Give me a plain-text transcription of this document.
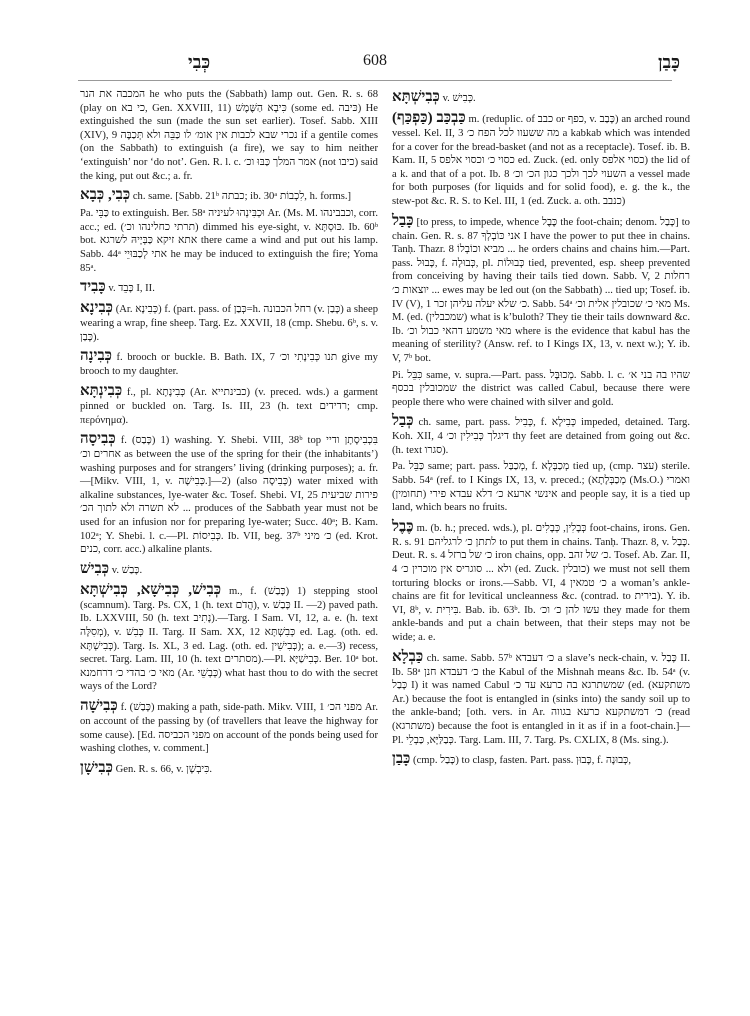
כְּבִי	608	כָּבַן

המכבה את הנר he who puts the (Sabbath) lamp out. Gen. R. s. 68 (play on כי בא, Gen. XXVIII, 11) כִּיבָא הַשֶּׁמֶשׁ (some ed. כּיבה) He extinguished the sun (made the sun set earlier). Tosef. Sabb. XIII (XIV), 9 נכרי שבא לכבות אין אומ׳ לו כַּבֵּה ולא תְּכַבֶּה if a gentile comes (on the Sabbath) to extinguish (a fire), we say to him neither ‘extinguish’ nor ‘do not’. Gen. R. l. c. אמר המלך כַּבּוּ וכ׳ (not כיבו) said the king, put out &c.; a. fr.

כְּבִי, כְּבָא ch. same. [Sabb. 21ᵇ כבתה; ib. 30ᵃ לִכְבוֹת, h. forms.]

Pa. כַּבֵּי to extinguish. Ber. 58ᵃ וּכְבִּינְהוּ לעיניה Ar. (Ms. M. וכבבינהו, corr. acc.; ed. (תרתי כחלינהו וכ׳) dimmed his eye-sight, v. כּוּסְתָּא. Ib. 60ᵇ bot. אתא זיקא כַּבְּיָיהּ לשרגא there came a wind and put out his lamp. Sabb. 44ᵃ אתי לְכַבּוּיֵי he may be induced to extinguish the fire; Yoma 85ᵃ.

כָּבִיד v. כָּבֵד I, II.

כְּבִינָא (Ar. כְּבִינָא) f. (part. pass. of כְּבַן=h. רחל הכבונה (v. כָּבַן) a sheep wearing a wrap, fine sheep. Targ. Ez. XXVII, 18 (cmp. Shebu. 6ᵇ, s. v. כָּבַן).

כְּבִינָה f. brooch or buckle. B. Bath. IX, 7 תנו כְּבִינָתִי וכ׳ give my brooch to my daughter.

כְּבִינְתָּא f., pl. כְּבִינָתָא (Ar. כבינתייא) (v. preced. wds.) a garment pinned or buckled on. Targ. Is. III, 23 (h. text רדידים; cmp. περόνημα).

כְּבִיסָה f. (כָּבַס) 1) washing. Y. Shebi. VIII, 38ᵇ top בִּכְבִיסָתָן ודיי אחרים וכ׳ as between the use of the spring for their (the inhabitants’) washing purposes and for strangers’ living (drinking purposes); a. fr.—[Mikv. VIII, 1, v. כְּבִישָׁה.]—2) (also כְּבִיסָה) water mixed with alkaline substances, lye-water &c. Tosef. Shebi. VI, 25 פירות שביעית לא תשרה ולא לתוך הכ׳ ... produces of the Sabbath year must not be used for an infusion nor for preparing lye-water; Succ. 40ᵃ; B. Kam. 102ᵃ; Y. Shebi. l. c.—Pl. כְּבִיסוֹת. Ib. VII, beg. 37ᵇ כ׳ מיני (ed. Krot. כנים, corr. acc.) alkaline plants.

כְּבִישׁ v. כָּבַשׁ.

כְּבִישׁ, כְּבִישָׁא, כְּבִישְׁתָּא m., f. (כָּבַשׁ) 1) stepping stool (scamnum). Targ. Ps. CX, 1 (h. text הֲדֹם), v. כָּבַשׁ II. —2) paved path. Ib. LXXVIII, 50 (h. text נָתִיב).—Targ. I Sam. VI, 12, a. e. (h. text מְסִלָּה), v. כְּבִשׁ II. Targ. II Sam. XX, 12 כְּבִשְׁתָּא ed. Lag. (oth. ed. כְּבִישְׁתָּא). Targ. Is. XL, 3 ed. Lag. (oth. ed. כְּבִישִׁין); a. e.—3) recess, secret. Targ. Lam. III, 10 (h. text מסתרים).—Pl. כְּבִישַׁיָּא. Ber. 10ᵃ bot. מאי כ׳ בהדי כ׳ דרחמנא (Ar. כְּבְשֵׁי) what hast thou to do with the secret ways of the Lord?

כְּבִישָׁה f. (כָּבַשׁ) making a path, side-path. Mikv. VIII, 1 מפני הכ׳ Ar. on account of the passing by (of travellers that leave the highway for some cause). [Ed. מפני הכביסה on account of the ponds being used for washing clothes, v. comment.]

כְּבִישָׁן Gen. R. s. 66, v. כִּיבְשָׁן.

כְּבִישְׁתָּא v. כְּבִישׁ.

כַּבְכַּב (כַּפְכַּף) m. (reduplic. of כבב or כפף, v. כָּבַב) an arched round vessel. Kel. II, 3 מה ששעוו לכל הפח כ׳ a kabkab which was intended for a cover for the bread-basket (and not as a receptacle). Tosef. ib. B. Kam. II, 5 כסוי כ׳ וכסוי אלפס ed. Zuck. (ed. only כסוי אלפס) the lid of a k. and that of a pot. Ib. 8 השעוי לכך ולכך כגון הכ׳ וכ׳ a vessel made for both purposes (for liquids and for solid food), e. g. the k., the stew-pot &c. R. S. to Kel. III, 1 (ed. Zuck. a. oth. כנבב)

כָּבַל [to press, to impede, whence כֶּבֶל the foot-chain; denom. כָּבַל] to chain. Gen. R. s. 87 אני כּוֹבְלְךָ I have the power to put thee in chains. Tanḥ. Thazr. 8 מביא וכוֹבְלוֹ ... he orders chains and chains him.—Part. pass. כָּבוּל, f. כְּבוּלָה, pl. כְּבוּלוֹת tied, prevented, esp. sheep prevented from conceiving by having their tails tied down. Sabb. V, 2 רחלות יוצאות כ׳ ... ewes may be led out (on the Sabbath) ... tied up; Tosef. ib. IV (V), 1 כ׳ שלא יעלה עליהן זכר. Sabb. 54ᵃ מאי כ׳ שכובלין אלית וכ׳ Ms. M. (ed. (שמכבלין) what is k’buloth? They tie their tails downward &c. Ib. מאי משמע דהאי כבול וכ׳ where is the evidence that kabul has the meaning of sterility? (Answ. ref. to I Kings IX, 13, v. next w.); Y. ib. V, 7ᵇ bot.

Pi. כִּבֵּל same, v. supra.—Part. pass. מְכוּבָּל. Sabb. l. c. שהיו בה בני א׳ שמכובלין בכסף the district was called Cabul, because there were people there who were chained with silver and gold.

כְּבַל ch. same, part. pass. כְּבִיל, f. כְּבִילָא impeded, detained. Targ. Koh. XII, 4 דיגלך כְּבִילִין וכ׳ thy feet are detained from going out &c. (h. text סגרו).

Pa. כַּבֵּל same; part. pass. מְכַבַּל, f. מְכַבְּלָא tied up, (cmp. עצר) sterile. Sabb. 54ᵃ (ref. to I Kings IX, 13, v. preced.; (מְכַבְּלָתָא (Ms.O.) ואמרי אינשי ארעא כ׳ דלא עבדא פירי (תחומין) and people say, it is a tied up land, which bears no fruits.

כֶּבֶל m. (b. h.; preced. wds.), pl. כְּבָלִין, כְּבָלִים foot-chains, irons. Gen. R. s. 91 לתתן כ׳ לרגליהם to put them in chains. Tanḥ. Thazr. 8, v. כָּבַל. Deut. R. s. 4 כ׳ של ברזל iron chains, opp. כ׳ של זהב. Tosef. Ab. Zar. II, 4 ולא ... סוגריס אין מוכרין כ׳ (ed. Zuck. כובלין) we must not sell them torturing blocks or irons.—Sabb. VI, 4 כ׳ טמאין a woman’s ankle-chains are fit for levitical uncleanness &c. (contrad. to בירית). Y. ib. VI, 8ᵇ, v. בִּירִית. Bab. ib. 63ᵇ. Ib. עשו להן כ׳ וכ׳ they made for them ankle-bands and put a chain between, that their steps may not be wide; a. e.

כַּבְלָא ch. same. Sabb. 57ᵇ כ׳ דעבדא a slave’s neck-chain, v. כָּבַל II. Ib. 58ᵃ כ׳ דעבדא חנן the Kabul of the Mishnah means &c. Ib. 54ᵃ (v. כָּבַל I) it was named Cabul שמשתרגא בה כרעא עד כ׳ (ed. (משתקעא Ar.) because the foot is entangled in (sinks into) the sandy soil up to the ankle-band; [oth. vers. in Ar. כ׳ דמשתקעא כרעא בגווה (read (משתרגא) because the foot is entangled in it as if in a foot-chain.]—Pl. כְּבַלַּיָּא, כַּבְלֵי. Targ. Lam. III, 7. Targ. Ps. CXLIX, 8 (Ms. sing.).

כָּבַן (cmp. כָּבַל) to clasp, fasten. Part. pass. כָּבוּן, f. כְּבוּנָה,
